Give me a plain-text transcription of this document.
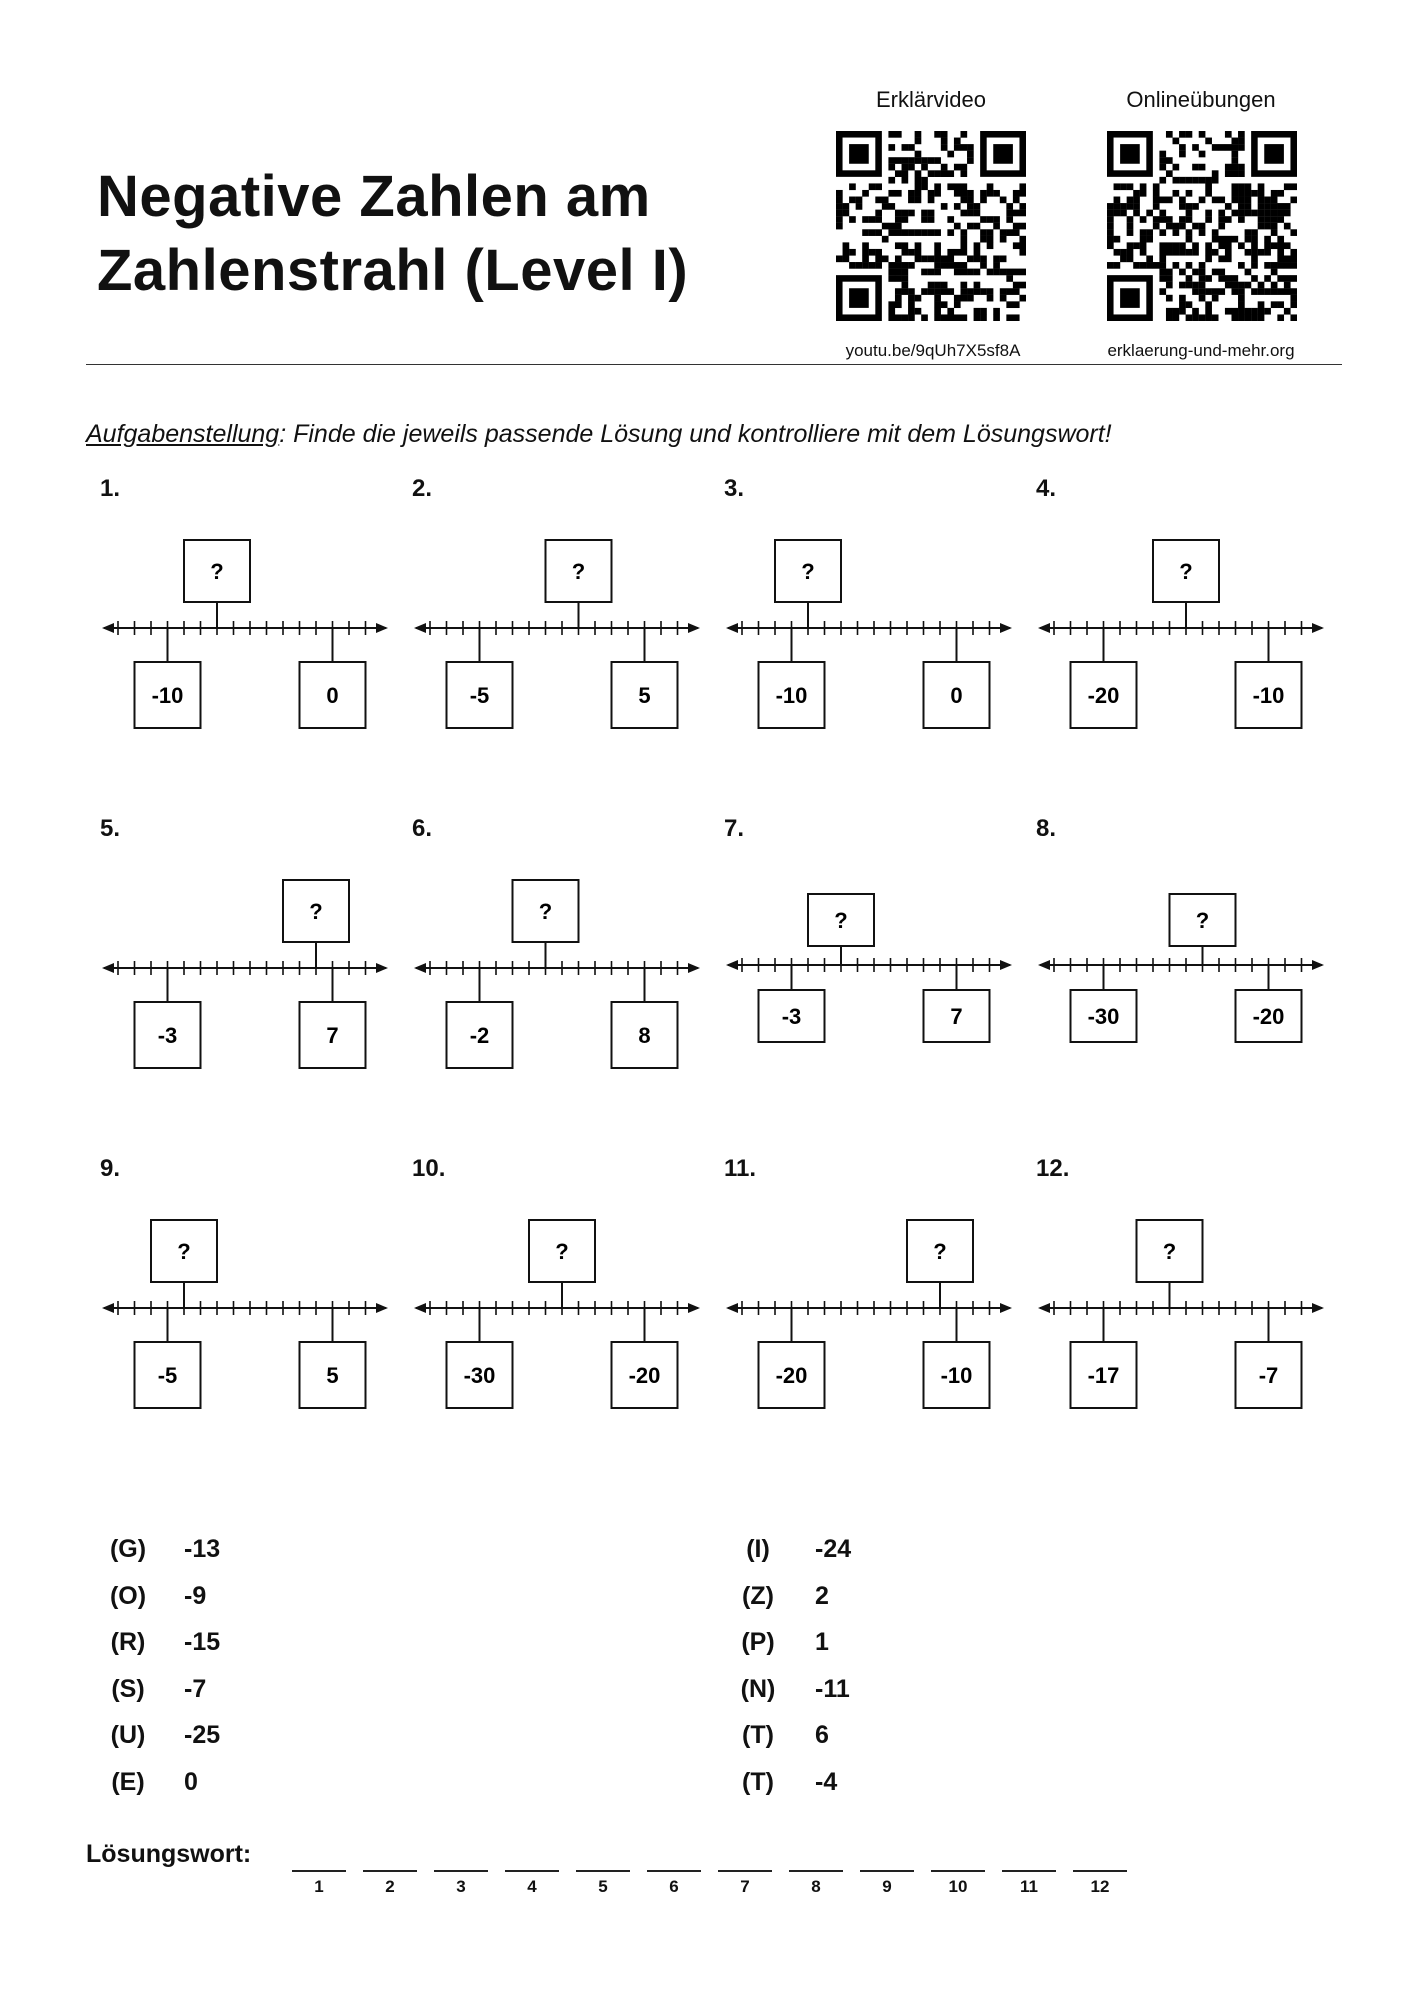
Negative Zahlen am
Zahlenstrahl (Level I)
Erklärvideo
youtu.be/9qUh7X5sf8A
Onlineübungen
erklaerung-und-mehr.org
Aufgabenstellung: Finde die jeweils passende Lösung und kontrolliere mit dem Lösungswort!
1.
?
-10	0
2.
?
-5	5
3.
?
-10	0
4.
?
-20	-10
5.
?
-3	7
6.
?
-2	8
7.
?
-3	7
8.
?
-30	-20
9.
?
-5	5
10.
?
-30	-20
11.
?
-20	-10
12.
?
-17	-7
(G)	-13
(O)	-9
(R)	-15
(S)	-7
(U)	-25
(E)	0
(I)	-24
(Z)	2
(P)	1
(N)	-11
(T)	6
(T)	-4
Lösungswort:
1	2	3	4	5	6	7	8	9	10	11	12
